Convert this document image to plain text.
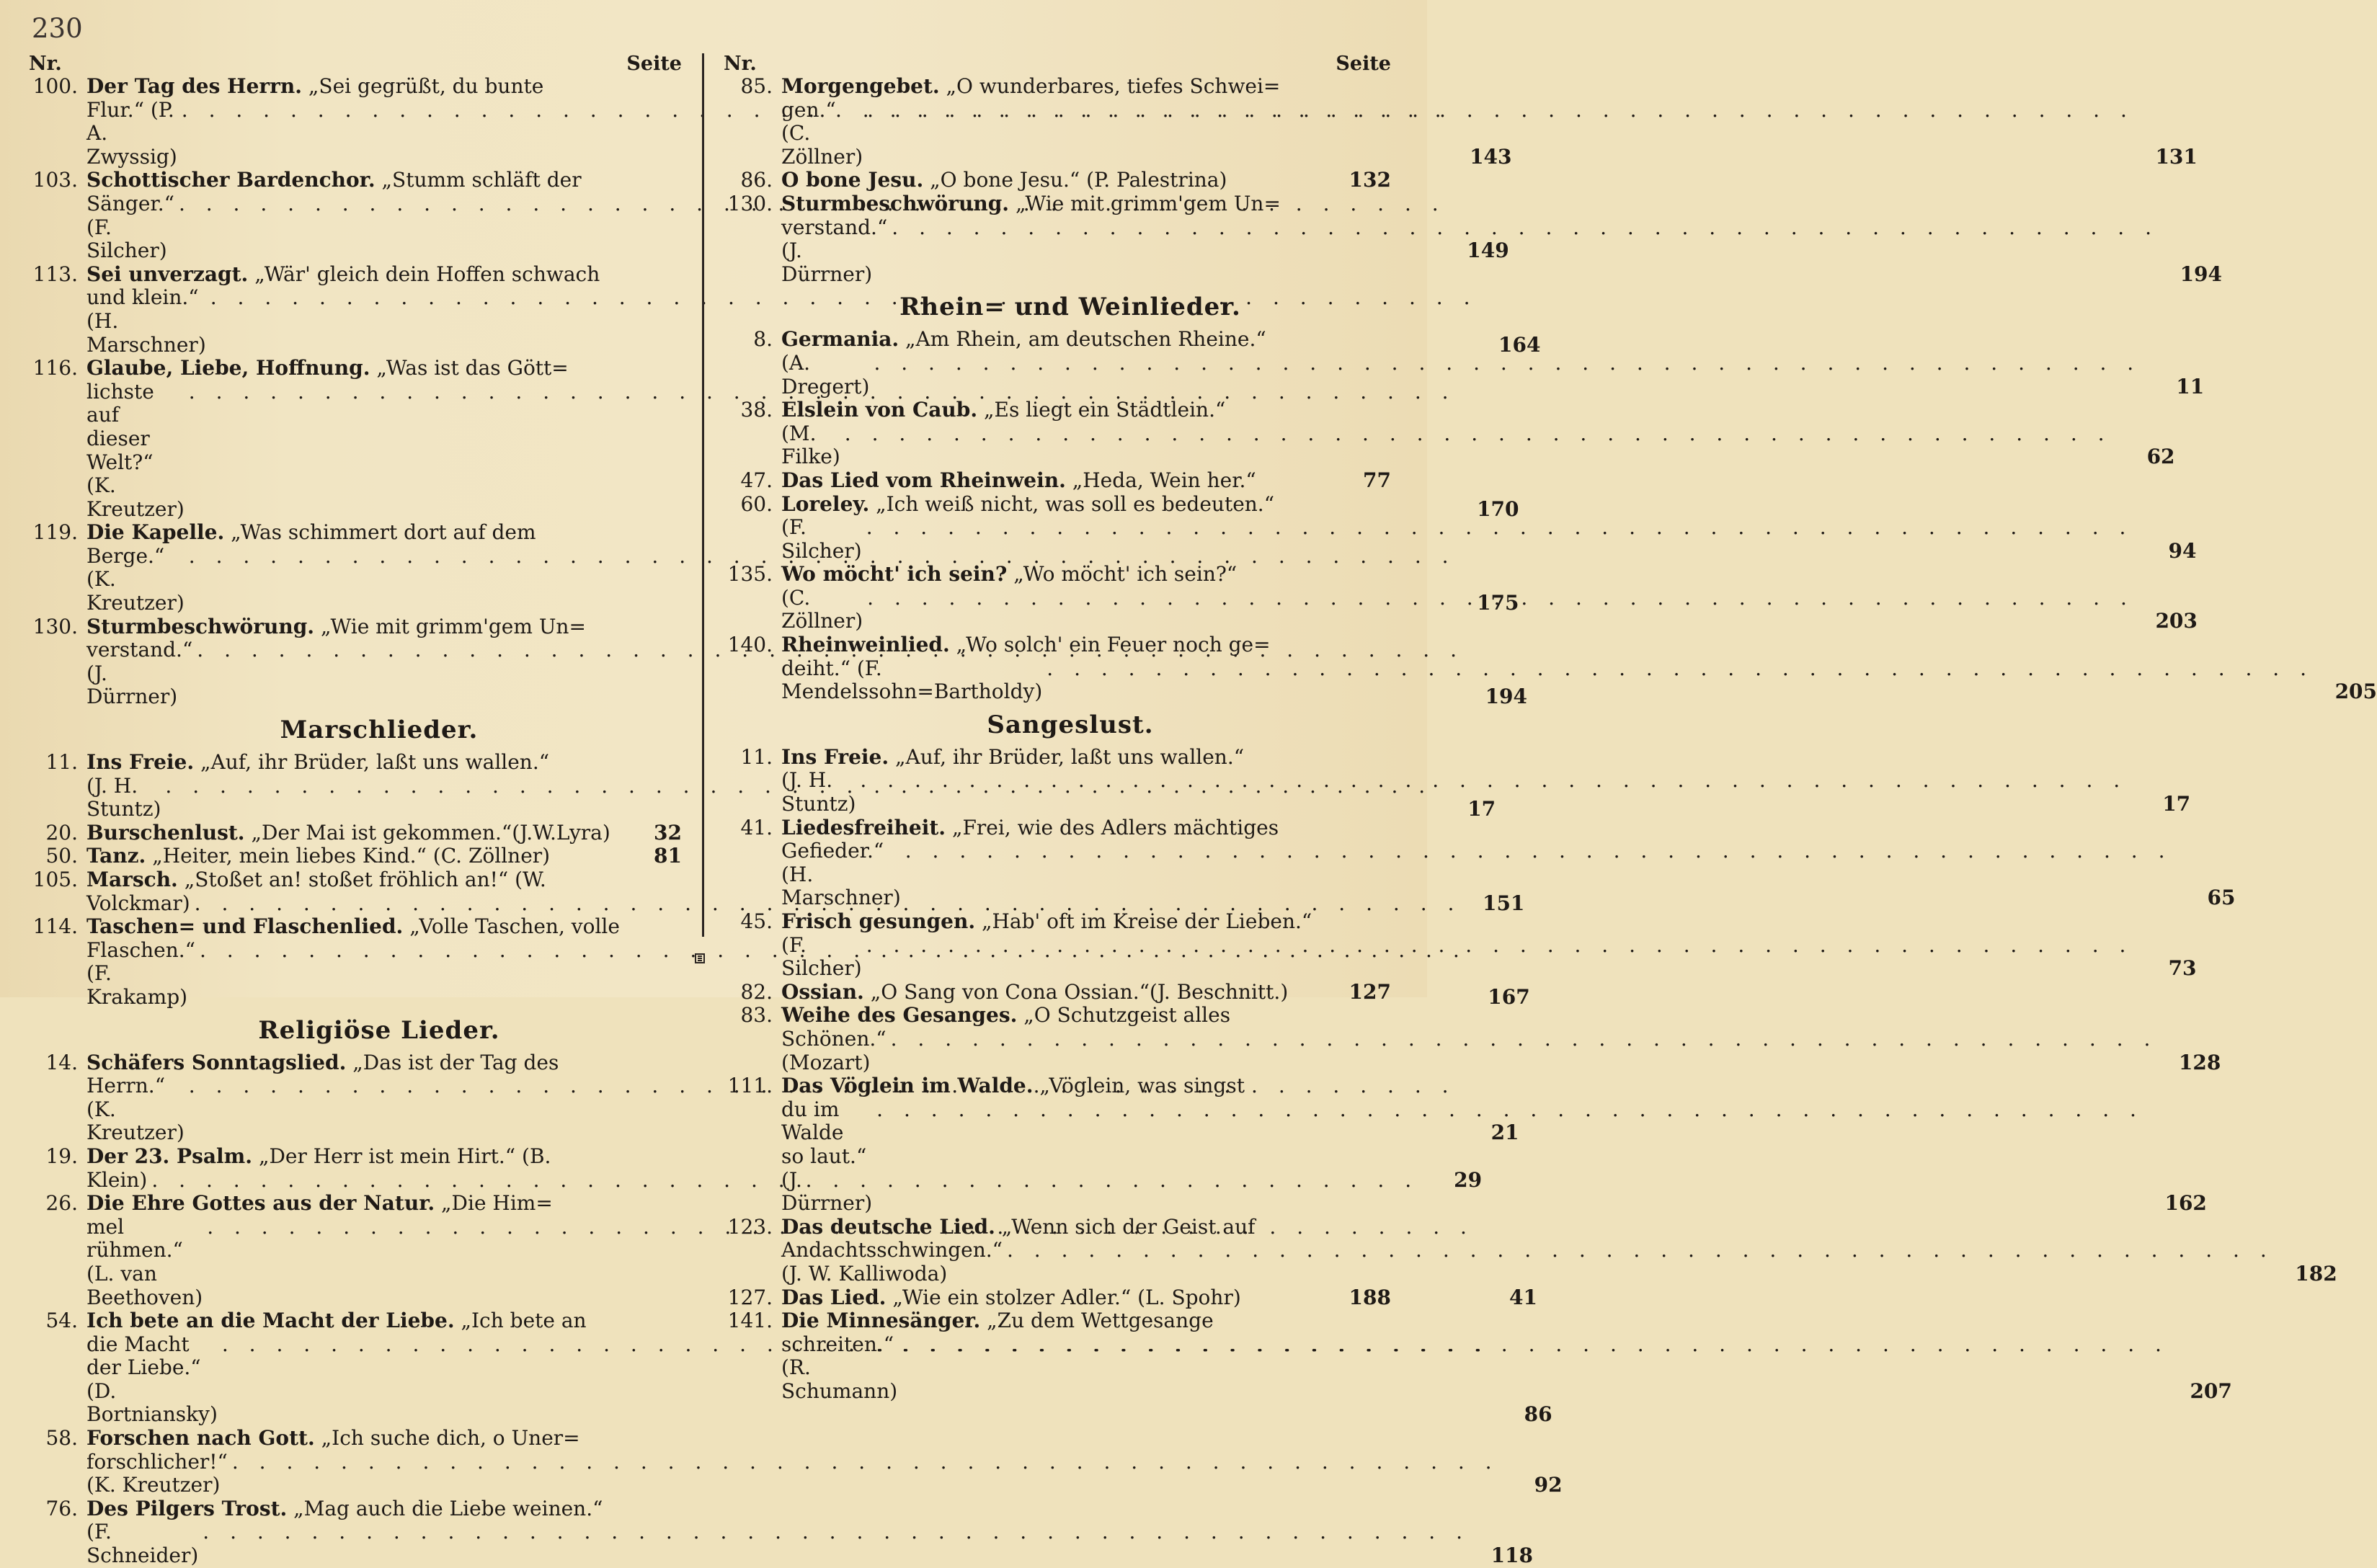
230
Nr.	Seite
100. Der Tag des Herrn. „Sei gegrüßt, du bunte
Flur.“ (P. A. Zwyssig) . . .	143
103. Schottischer Bardenchor. „Stumm schläft der
Sänger.“ (F. Silcher) . . .	149
113. Sei unverzagt. „Wär' gleich dein Hoffen schwach
und klein.“ (H. Marschner) . . .	164
116. Glaube, Liebe, Hoffnung. „Was ist das Gött=
lichste auf dieser Welt?“ (K. Kreutzer) . . .	170
119. Die Kapelle. „Was schimmert dort auf dem
Berge.“ (K. Kreutzer) . . .	175
130. Sturmbeschwörung. „Wie mit grimm'gem Un=
verstand.“ (J. Dürrner) . . .	194
Marschlieder.
11. Ins Freie. „Auf, ihr Brüder, laßt uns wallen.“
(J. H. Stuntz) . . .	17
20. Burschenlust. „Der Mai ist gekommen.“(J.W.Lyra)	32
50. Tanz. „Heiter, mein liebes Kind.“ (C. Zöllner)	81
105. Marsch. „Stoßet an! stoßet fröhlich an!“ (W.
Volckmar) . . .	151
114. Taschen= und Flaschenlied. „Volle Taschen, volle
Flaschen.“ (F. Krakamp) . . .	167
Religiöse Lieder.
14. Schäfers Sonntagslied. „Das ist der Tag des
Herrn.“ (K. Kreutzer) . . .	21
19. Der 23. Psalm. „Der Herr ist mein Hirt.“ (B.
Klein) . . .	29
26. Die Ehre Gottes aus der Natur. „Die Him=
mel rühmen.“ (L. van Beethoven) . . .	41
54. Ich bete an die Macht der Liebe. „Ich bete an
die Macht der Liebe.“ (D. Bortniansky) . . .	86
58. Forschen nach Gott. „Ich suche dich, o Uner=
forschlicher!“ (K. Kreutzer) . . .	92
76. Des Pilgers Trost. „Mag auch die Liebe weinen.“
(F. Schneider) . . .	118
Nr.	Seite
85. Morgengebet. „O wunderbares, tiefes Schwei=
gen.“ (C. Zöllner) . . .	131
86. O bone Jesu. „O bone Jesu.“ (P. Palestrina)	132
130. Sturmbeschwörung. „Wie mit grimm'gem Un=
verstand.“ (J. Dürrner) . . .	194
Rhein= und Weinlieder.
8. Germania. „Am Rhein, am deutschen Rheine.“
(A. Dregert) . . .	11
38. Elslein von Caub. „Es liegt ein Städtlein.“
(M. Filke) . . .	62
47. Das Lied vom Rheinwein. „Heda, Wein her.“	77
60. Loreley. „Ich weiß nicht, was soll es bedeuten.“
(F. Silcher) . . .	94
135. Wo möcht' ich sein? „Wo möcht' ich sein?“
(C. Zöllner) . . .	203
140. Rheinweinlied. „Wo solch' ein Feuer noch ge=
deiht.“ (F. Mendelssohn=Bartholdy) . . .	205
Sangeslust.
11. Ins Freie. „Auf, ihr Brüder, laßt uns wallen.“
(J. H. Stuntz) . . .	17
41. Liedesfreiheit. „Frei, wie des Adlers mächtiges
Gefieder.“ (H. Marschner) . . .	65
45. Frisch gesungen. „Hab' oft im Kreise der Lieben.“
(F. Silcher) . . .	73
82. Ossian. „O Sang von Cona Ossian.“(J. Beschnitt.)	127
83. Weihe des Gesanges. „O Schutzgeist alles
Schönen.“ (Mozart) . . .	128
111. Das Vöglein im Walde. „Vöglein, was singst
du im Walde so laut.“ (J. Dürrner) . . .	162
123. Das deutsche Lied. „Wenn sich der Geist auf
Andachtsschwingen.“ (J. W. Kalliwoda) . . .	182
127. Das Lied. „Wie ein stolzer Adler.“ (L. Spohr)	188
141. Die Minnesänger. „Zu dem Wettgesange
schreiten.“ (R. Schumann) . . .	207
